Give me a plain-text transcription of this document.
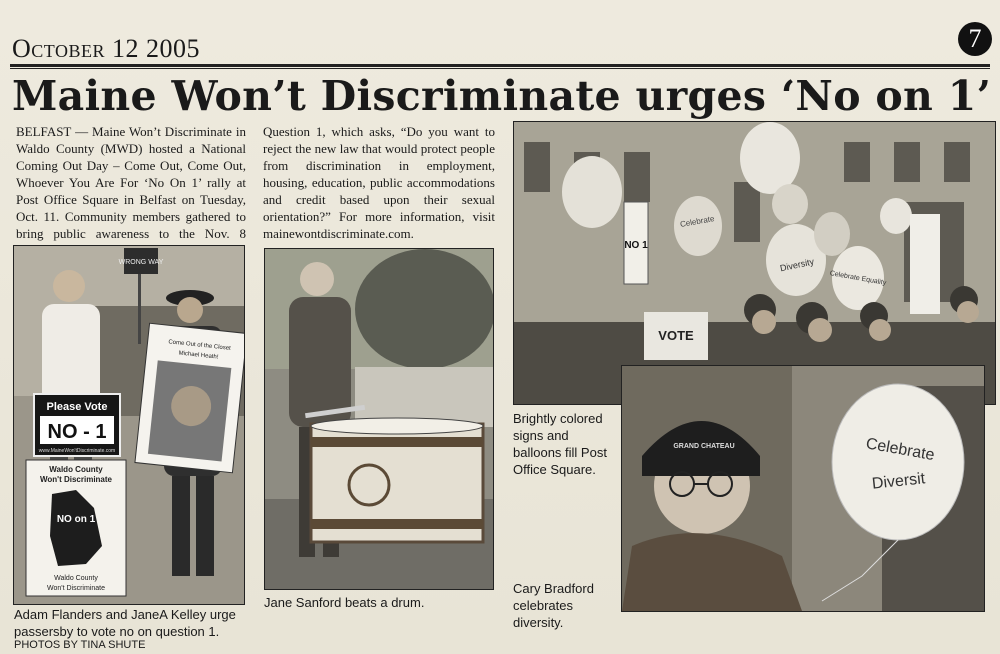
October 12 2005	7
Maine Won’t Discriminate urges ‘No on 1’
BELFAST — Maine Won’t Discriminate in Waldo County (MWD) hosted a National Coming Out Day – Come Out, Come Out, Whoever You Are For ‘No On 1’ rally at Post Office Square in Belfast on Tuesday, Oct. 11. Community members gathered to bring public awareness to the Nov. 8
Question 1, which asks, “Do you want to reject the new law that would protect people from discrimination in employment, housing, education, public accommodations and credit based upon their sexual orientation?” For more information, visit mainewontdiscriminate.com.
WRONG WAY
Please Vote
NO - 1
www.MaineWon'tDiscriminate.com
Waldo County
Won't Discriminate
NO on 1
Waldo County
Won't Discriminate
Come Out of the Closet
Michael Heath!
Celebrate
Diversity
Celebrate Equality
NO 1
VOTE
GRAND CHATEAU	Celebrate
Diversit
Adam Flanders and JaneA Kelley urge passersby to vote no on question 1.
PHOTOS BY TINA SHUTE
Jane Sanford beats a drum.
Brightly colored signs and balloons fill Post Office Square.
Cary Bradford celebrates diversity.
